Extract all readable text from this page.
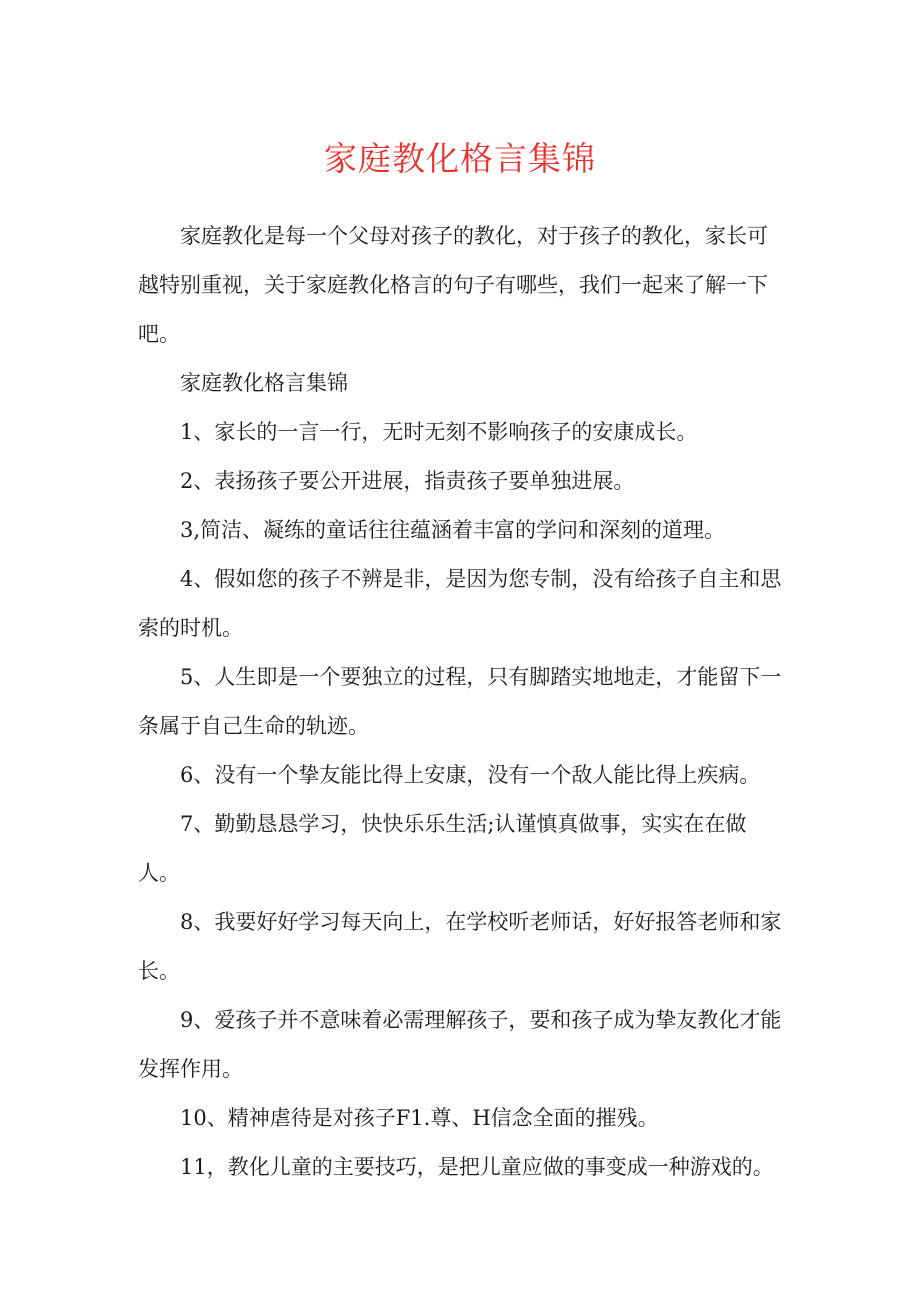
家庭教化格言集锦

家庭教化是每一个父母对孩子的教化，对于孩子的教化，家长可越特别重视，关于家庭教化格言的句子有哪些，我们一起来了解一下吧。

家庭教化格言集锦

1、家长的一言一行，无时无刻不影响孩子的安康成长。

2、表扬孩子要公开进展，指责孩子要单独进展。

3,简洁、凝练的童话往往蕴涵着丰富的学问和深刻的道理。

4、假如您的孩子不辨是非，是因为您专制，没有给孩子自主和思索的时机。

5、人生即是一个要独立的过程，只有脚踏实地地走，才能留下一条属于自己生命的轨迹。

6、没有一个挚友能比得上安康，没有一个敌人能比得上疾病。

7、勤勤恳恳学习，快快乐乐生活;认谨慎真做事，实实在在做人。

8、我要好好学习每天向上，在学校听老师话，好好报答老师和家长。

9、爱孩子并不意味着必需理解孩子，要和孩子成为挚友教化才能发挥作用。

10、精神虐待是对孩子F1.尊、H信念全面的摧残。

11，教化儿童的主要技巧，是把儿童应做的事变成一种游戏的。
